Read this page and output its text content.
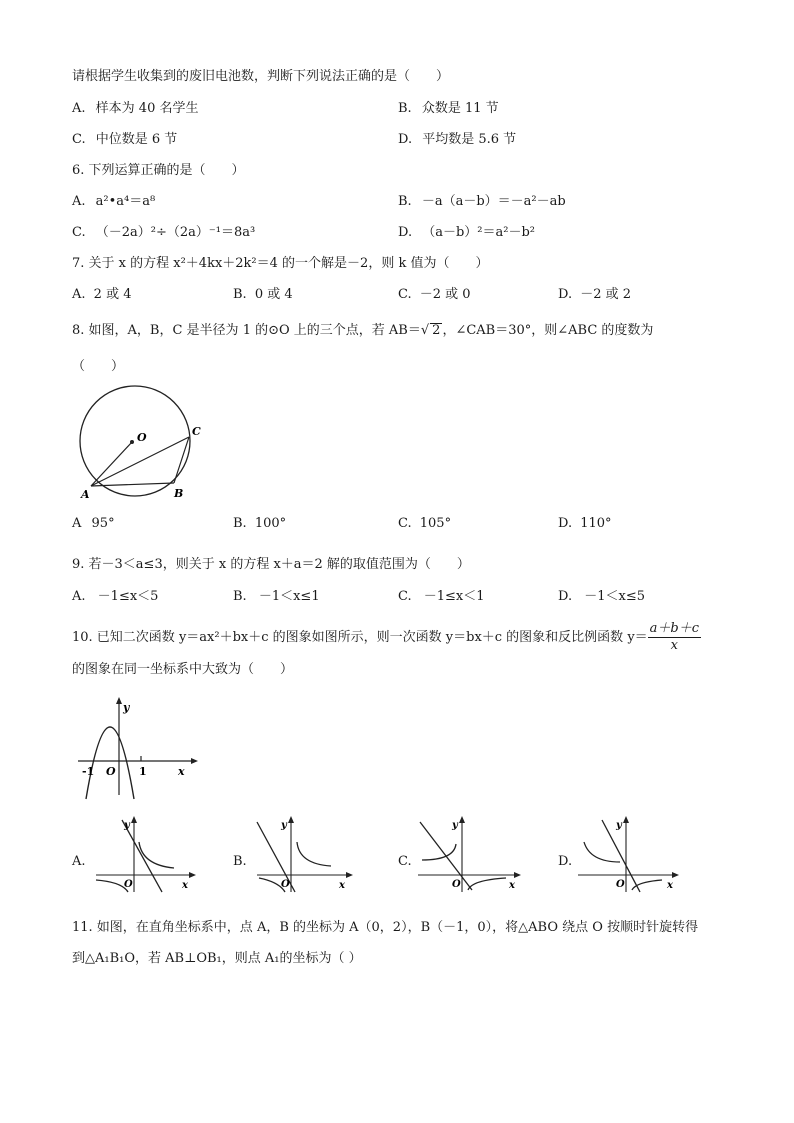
请根据学生收集到的废旧电池数，判断下列说法正确的是（　　）
A. 样本为 40 名学生	B. 众数是 11 节
C. 中位数是 6 节	D. 平均数是 5.6 节
6. 下列运算正确的是（　　）
A. a²•a⁴＝a⁸	B. －a（a－b）＝－a²－ab
C. （－2a）²÷（2a）⁻¹＝8a³	D. （a－b）²＝a²－b²
7. 关于 x 的方程 x²＋4kx＋2k²＝4 的一个解是－2，则 k 值为（　　）
A. 2 或 4	B. 0 或 4	C. －2 或 0	D. －2 或 2
8. 如图，A，B，C 是半径为 1 的⊙O 上的三个点，若 AB＝√ 2 ，∠CAB＝30°，则∠ABC 的度数为
（　　）
O
A	B
C
A 95°	B. 100°	C. 105°	D. 110°
9. 若－3＜a≤3，则关于 x 的方程 x＋a＝2 解的取值范围为（　　）
A. －1≤x＜5	B. －1＜x≤1	C. －1≤x＜1	D. －1＜x≤5
10. 已知二次函数 y＝ax²＋bx＋c 的图象如图所示，则一次函数 y＝bx＋c 的图象和反比例函数 $y= \frac{a+b+c}{x}$
的图象在同一坐标系中大致为（　　）
y
x
-1 O 1
A.
y
x
O
B.
y
x
O
C.
y
x
O
D.
y
x
O
11. 如图，在直角坐标系中，点 A，B 的坐标为 A（0，2），B（－1，0），将△ABO 绕点 O 按顺时针旋转得
到△A₁B₁O，若 AB⊥OB₁，则点 A₁的坐标为（ ）
